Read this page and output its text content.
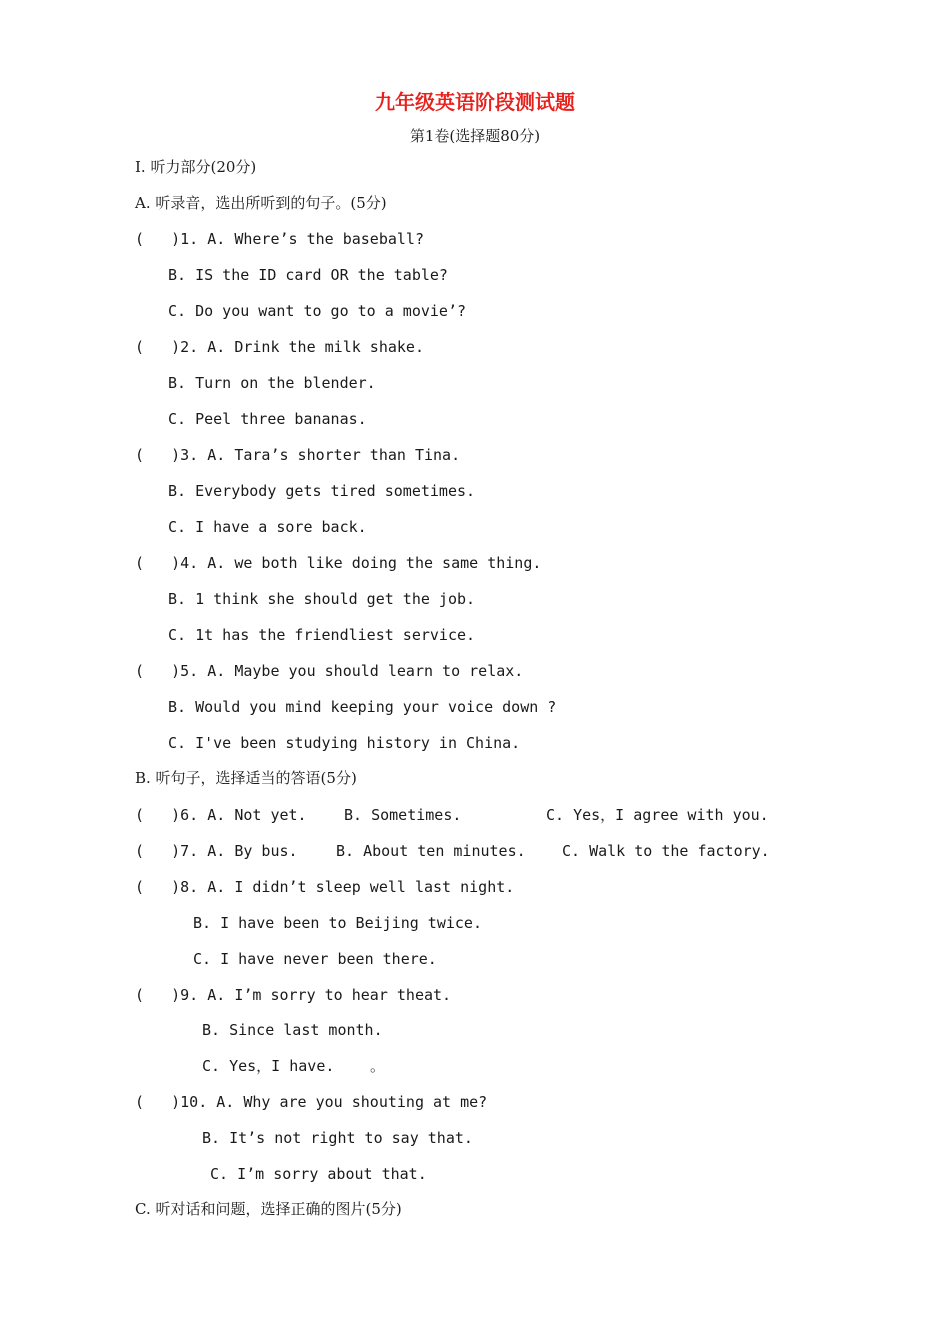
九年级英语阶段测试题
第1卷(选择题80分)
I. 听力部分(20分)
A. 听录音，选出所听到的句子。(5分)
(   )1. A. Where’s the baseball?
B. IS the ID card OR the table?
C. Do you want to go to a movie’?
(   )2. A. Drink the milk shake.
B. Turn on the blender.
C. Peel three bananas.
(   )3. A. Tara’s shorter than Tina.
B. Everybody gets tired sometimes.
C. I have a sore back.
(   )4. A. we both like doing the same thing.
B. 1 think she should get the job.
C. 1t has the friendliest service.
(   )5. A. Maybe you should learn to relax.
B. Would you mind keeping your voice down ?
C. I've been studying history in China.
B. 听句子，选择适当的答语(5分)
(   )6. A. Not yet. B. Sometimes.	C. Yes，I agree with you.
(   )7. A. By bus.	B. About ten minutes. C. Walk to the factory.
(   )8. A. I didn’t sleep well last night.
B. I have been to Beijing twice.
C. I have never been there.
(   )9. A. I’m sorry to hear theat.
B. Since last month.
C. Yes，I have. 。
(   )10. A. Why are you shouting at me?
B. It’s not right to say that.
C. I’m sorry about that.
C. 听对话和问题，选择正确的图片(5分)
